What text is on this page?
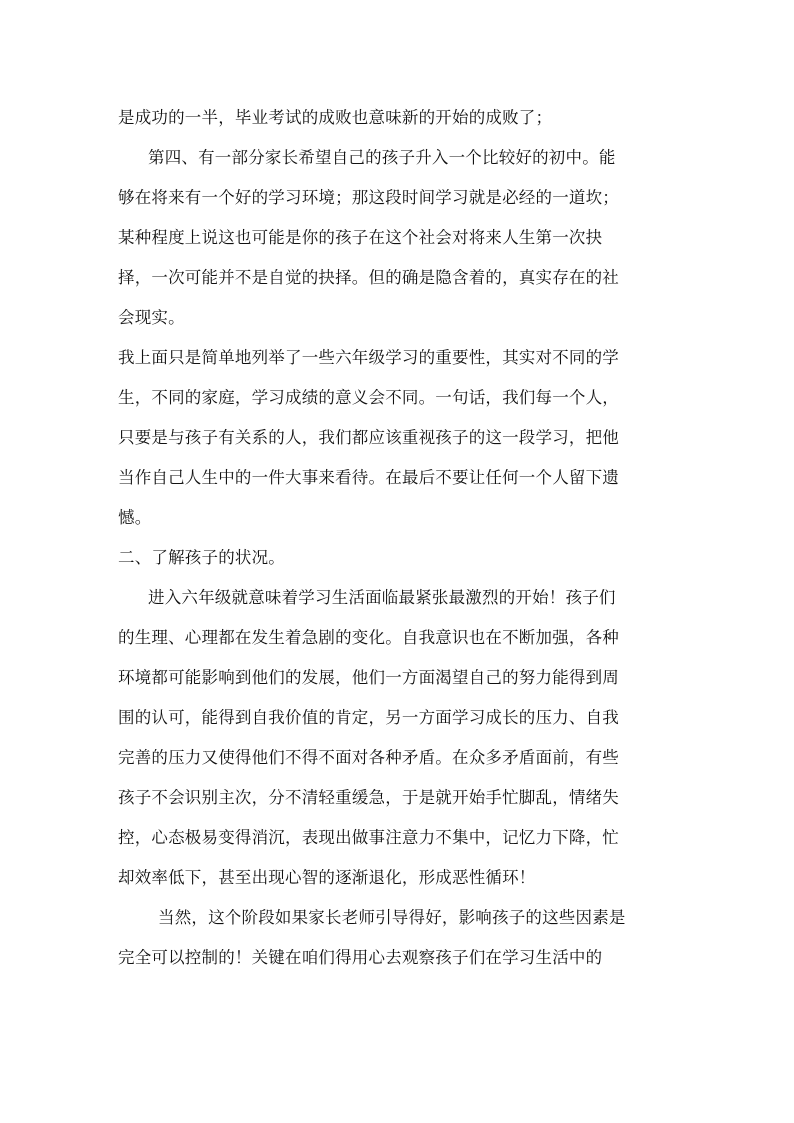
是成功的一半，毕业考试的成败也意味新的开始的成败了；
第四、有一部分家长希望自己的孩子升入一个比较好的初中。能
够在将来有一个好的学习环境；那这段时间学习就是必经的一道坎；
某种程度上说这也可能是你的孩子在这个社会对将来人生第一次抉
择，一次可能并不是自觉的抉择。但的确是隐含着的，真实存在的社
会现实。
我上面只是简单地列举了一些六年级学习的重要性，其实对不同的学
生，不同的家庭，学习成绩的意义会不同。一句话，我们每一个人，
只要是与孩子有关系的人，我们都应该重视孩子的这一段学习，把他
当作自己人生中的一件大事来看待。在最后不要让任何一个人留下遗
憾。
二、了解孩子的状况。
进入六年级就意味着学习生活面临最紧张最激烈的开始！孩子们
的生理、心理都在发生着急剧的变化。自我意识也在不断加强，各种
环境都可能影响到他们的发展，他们一方面渴望自己的努力能得到周
围的认可，能得到自我价值的肯定，另一方面学习成长的压力、自我
完善的压力又使得他们不得不面对各种矛盾。在众多矛盾面前，有些
孩子不会识别主次，分不清轻重缓急，于是就开始手忙脚乱，情绪失
控，心态极易变得消沉，表现出做事注意力不集中，记忆力下降，忙
却效率低下，甚至出现心智的逐渐退化，形成恶性循环！
当然，这个阶段如果家长老师引导得好，影响孩子的这些因素是
完全可以控制的！关键在咱们得用心去观察孩子们在学习生活中的
